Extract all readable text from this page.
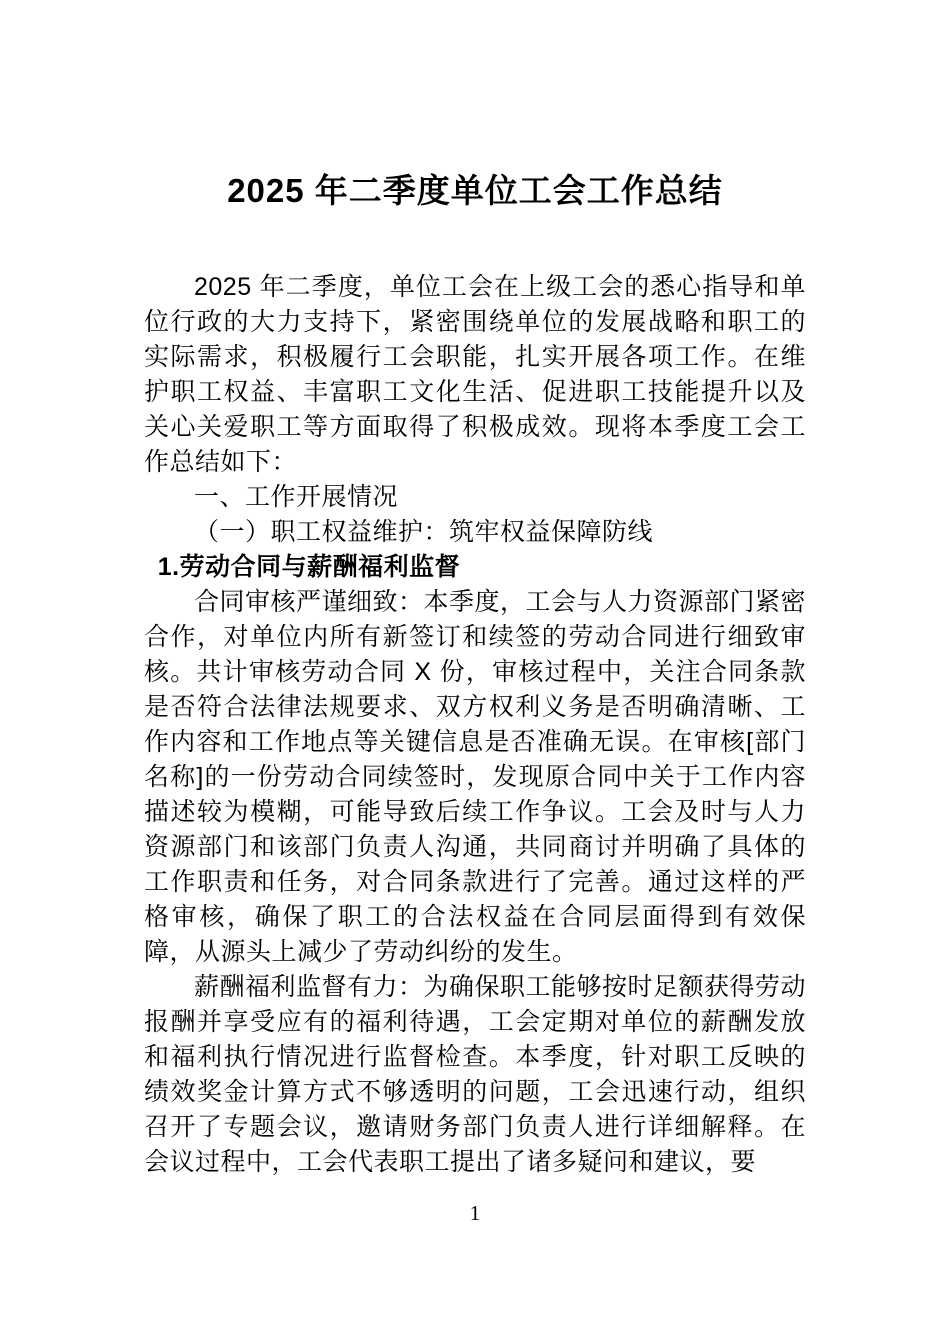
2025 年二季度单位工会工作总结

2025 年二季度，单位工会在上级工会的悉心指导和单位行政的大力支持下，紧密围绕单位的发展战略和职工的实际需求，积极履行工会职能，扎实开展各项工作。在维护职工权益、丰富职工文化生活、促进职工技能提升以及关心关爱职工等方面取得了积极成效。现将本季度工会工作总结如下：

一、工作开展情况

（一）职工权益维护：筑牢权益保障防线

1.劳动合同与薪酬福利监督

合同审核严谨细致：本季度，工会与人力资源部门紧密合作，对单位内所有新签订和续签的劳动合同进行细致审核。共计审核劳动合同 X 份，审核过程中，关注合同条款是否符合法律法规要求、双方权利义务是否明确清晰、工作内容和工作地点等关键信息是否准确无误。在审核[部门名称]的一份劳动合同续签时，发现原合同中关于工作内容描述较为模糊，可能导致后续工作争议。工会及时与人力资源部门和该部门负责人沟通，共同商讨并明确了具体的工作职责和任务，对合同条款进行了完善。通过这样的严格审核，确保了职工的合法权益在合同层面得到有效保障，从源头上减少了劳动纠纷的发生。

薪酬福利监督有力：为确保职工能够按时足额获得劳动报酬并享受应有的福利待遇，工会定期对单位的薪酬发放和福利执行情况进行监督检查。本季度，针对职工反映的绩效奖金计算方式不够透明的问题，工会迅速行动，组织召开了专题会议，邀请财务部门负责人进行详细解释。在会议过程中，工会代表职工提出了诸多疑问和建议，要

1
